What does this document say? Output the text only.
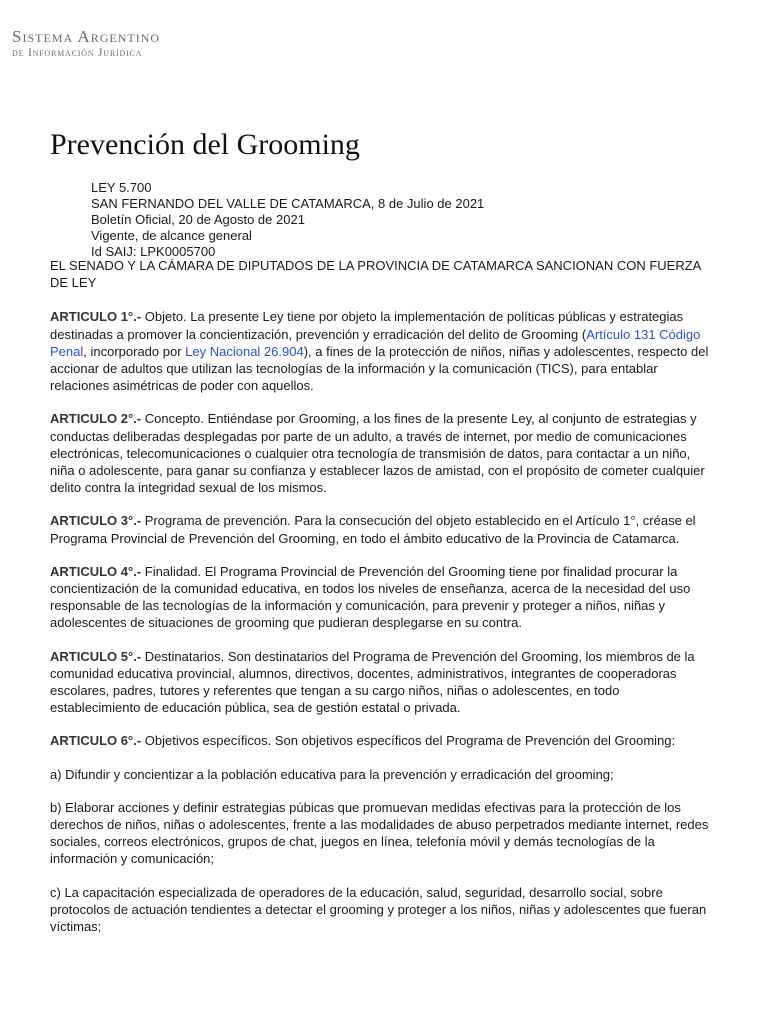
Sistema Argentino
de Información Jurídica
Prevención del Grooming
LEY 5.700
SAN FERNANDO DEL VALLE DE CATAMARCA, 8 de Julio de 2021
Boletín Oficial, 20 de Agosto de 2021
Vigente, de alcance general
Id SAIJ: LPK0005700

EL SENADO Y LA CÁMARA DE DIPUTADOS DE LA PROVINCIA DE CATAMARCA SANCIONAN CON FUERZA DE LEY

ARTICULO 1°.- Objeto. La presente Ley tiene por objeto la implementación de políticas públicas y estrategias destinadas a promover la concientización, prevención y erradicación del delito de Grooming (Artículo 131 Código Penal, incorporado por Ley Nacional 26.904), a fines de la protección de niños, niñas y adolescentes, respecto del accionar de adultos que utilizan las tecnologías de la información y la comunicación (TICS), para entablar relaciones asimétricas de poder con aquellos.

ARTICULO 2°.- Concepto. Entiéndase por Grooming, a los fines de la presente Ley, al conjunto de estrategias y conductas deliberadas desplegadas por parte de un adulto, a través de internet, por medio de comunicaciones electrónicas, telecomunicaciones o cualquier otra tecnología de transmisión de datos, para contactar a un niño, niña o adolescente, para ganar su confianza y establecer lazos de amistad, con el propósito de cometer cualquier delito contra la integridad sexual de los mismos.

ARTICULO 3°.- Programa de prevención. Para la consecución del objeto establecido en el Artículo 1°, créase el Programa Provincial de Prevención del Grooming, en todo el ámbito educativo de la Provincia de Catamarca.

ARTICULO 4°.- Finalidad. El Programa Provincial de Prevención del Grooming tiene por finalidad procurar la concientización de la comunidad educativa, en todos los niveles de enseñanza, acerca de la necesidad del uso responsable de las tecnologías de la información y comunicación, para prevenir y proteger a niños, niñas y adolescentes de situaciones de grooming que pudieran desplegarse en su contra.

ARTICULO 5°.- Destinatarios. Son destinatarios del Programa de Prevención del Grooming, los miembros de la comunidad educativa provincial, alumnos, directivos, docentes, administrativos, integrantes de cooperadoras escolares, padres, tutores y referentes que tengan a su cargo niños, niñas o adolescentes, en todo establecimiento de educación pública, sea de gestión estatal o privada.

ARTICULO 6°.- Objetivos específicos. Son objetivos específicos del Programa de Prevención del Grooming:

a) Difundir y concientizar a la población educativa para la prevención y erradicación del grooming;

b) Elaborar acciones y definir estrategias púbicas que promuevan medidas efectivas para la protección de los derechos de niños, niñas o adolescentes, frente a las modalidades de abuso perpetrados mediante internet, redes sociales, correos electrónicos, grupos de chat, juegos en línea, telefonía móvil y demás tecnologías de la información y comunicación;

c) La capacitación especializada de operadores de la educación, salud, seguridad, desarrollo social, sobre protocolos de actuación tendientes a detectar el grooming y proteger a los niños, niñas y adolescentes que fueran víctimas;
